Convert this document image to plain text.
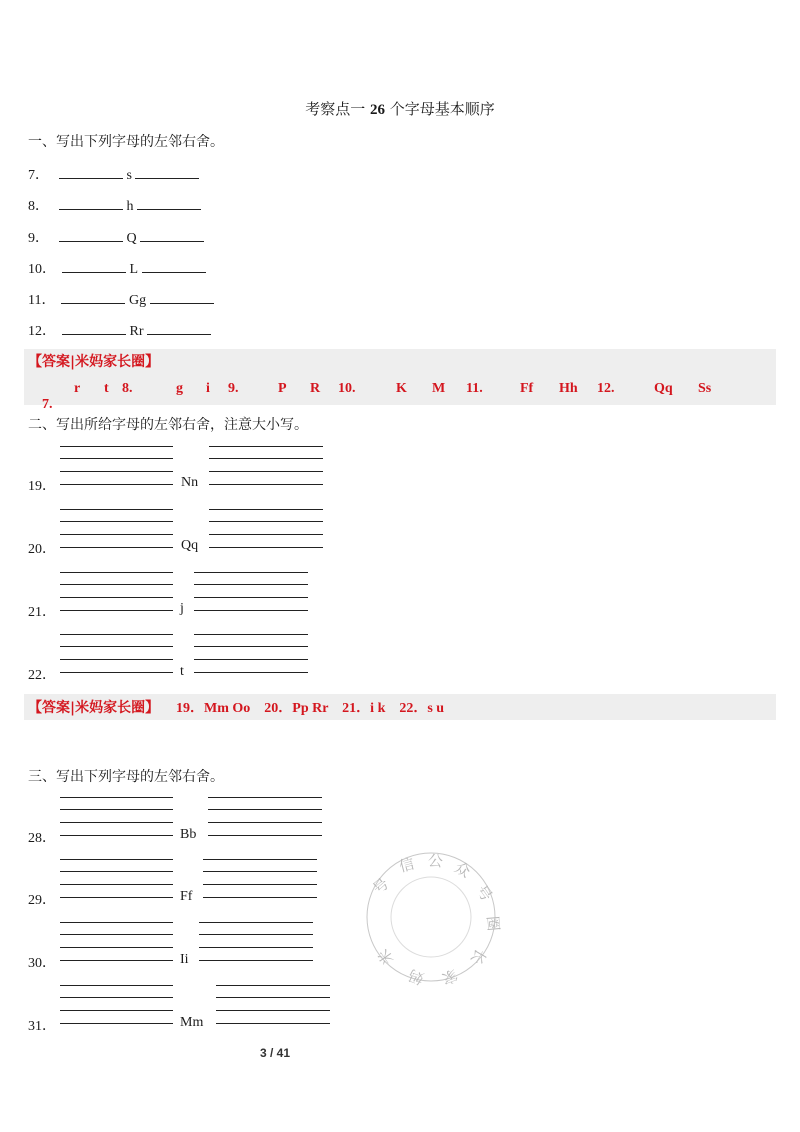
考察点一 26 个字母基本顺序
一、写出下列字母的左邻右舍。
7．
	s

8．
	h

9．
	Q

10．
	L

11．
	Gg

12．
	Rr

【答案|米妈家长圈】

7.

r t 8.	g i 9.	P R 10.	K M 11.	Ff Hh 12.	Qq Ss
二、写出所给字母的左邻右舍，注意大小写。
19．	Nn
20．	Qq
21．	j
22．	t
【答案|米妈家长圈】 19．Mm Oo    20．Pp Rr    21．i k    22．s u
三、写出下列字母的左邻右舍。
28．	Bb
29．	Ff
30．	Ii
31．	Mm
号
信 公 众
号
圈
长
家
妈
米
3 / 41
